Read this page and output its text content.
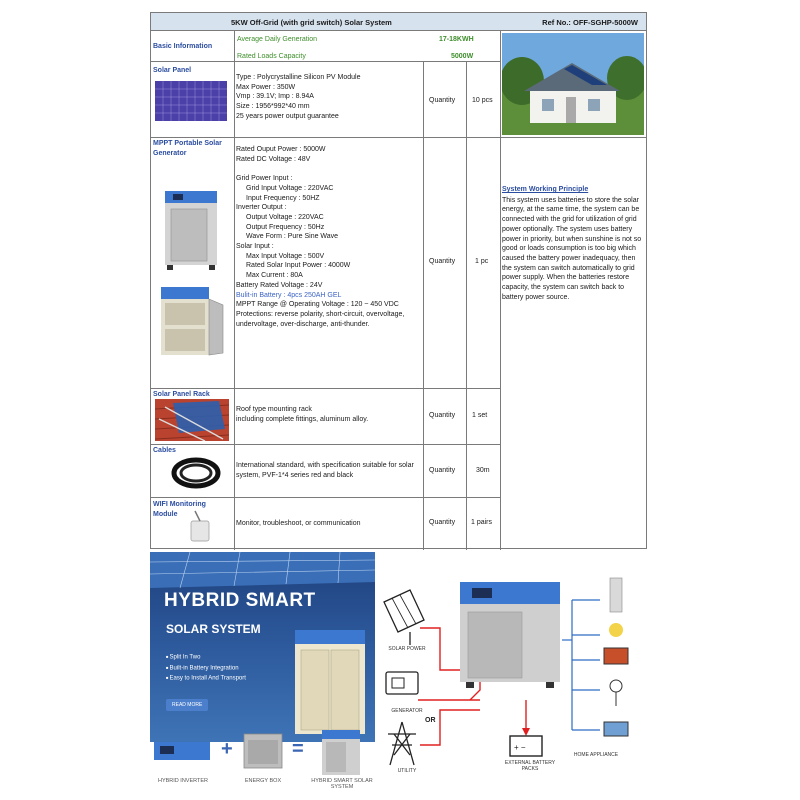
5KW Off-Grid (with grid switch) Solar System	Ref No.: OFF-SGHP-5000W
Basic Information
Average Daily Generation	17-18KWH
Rated Loads Capacity	5000W
Solar Panel
Type : Polycrystalline Silicon PV Module
Max Power : 350W
Vmp : 39.1V; Imp : 8.94A
Size : 1956*992*40 mm
25 years power output guarantee
Quantity 10 pcs
MPPT Portable Solar Generator	Rated Ouput Power : 5000W
Rated DC Voltage : 48V

Grid Power Input :
Grid Input Voltage : 220VAC
Input Frequency : 50HZ
Inverter Output :
Output Voltage : 220VAC
Output Frequency : 50Hz
Wave Form : Pure Sine Wave
Solar Input :
Max Input Voltage : 500V
Rated Solar Input Power : 4000W
Max Current : 80A
Battery Rated Voltage : 24V
Bulit-in Battery : 4pcs 250AH GEL
MPPT Range @ Operating Voltage : 120 ~ 450 VDC
Protections: reverse polarity, short-circuit, overvoltage, undervoltage, over-discharge, anti-thunder.
Quantity	1 pc
Solar Panel Rack
Roof type mounting rack
including complete fittings, aluminum alloy.
Quantity 1 set
Cables
International standard, with specification suitable for solar system, PVF-1*4 series red and black
Quantity	30m
WIFI Monitoring Module
Monitor, troubleshoot, or communication	Quantity 1 pairs
System Working Principle
This system uses batteries to store the solar energy, at the same time, the system can be connected with the grid for utilization of grid power optionally. The system uses battery power in priority, but when sunshine is not so good or loads consumption is too big which caused the battery power inadequacy, then the system can switch automatically to grid power supply. When the batteries restore capacity, the system can switch back to battery power source.
HYBRID SMART
SOLAR SYSTEM
■ Split In Two
■ Built-in Battery Integration
■ Easy to Install And Transport
READ MORE
+ −
SOLAR POWER
GENERATOR
OR
UTILITY
EXTERNAL BATTERY PACKS
HOME APPLIANCE
HYBRID INVERTER
+
ENERGY BOX
=
HYBRID SMART SOLAR SYSTEM
